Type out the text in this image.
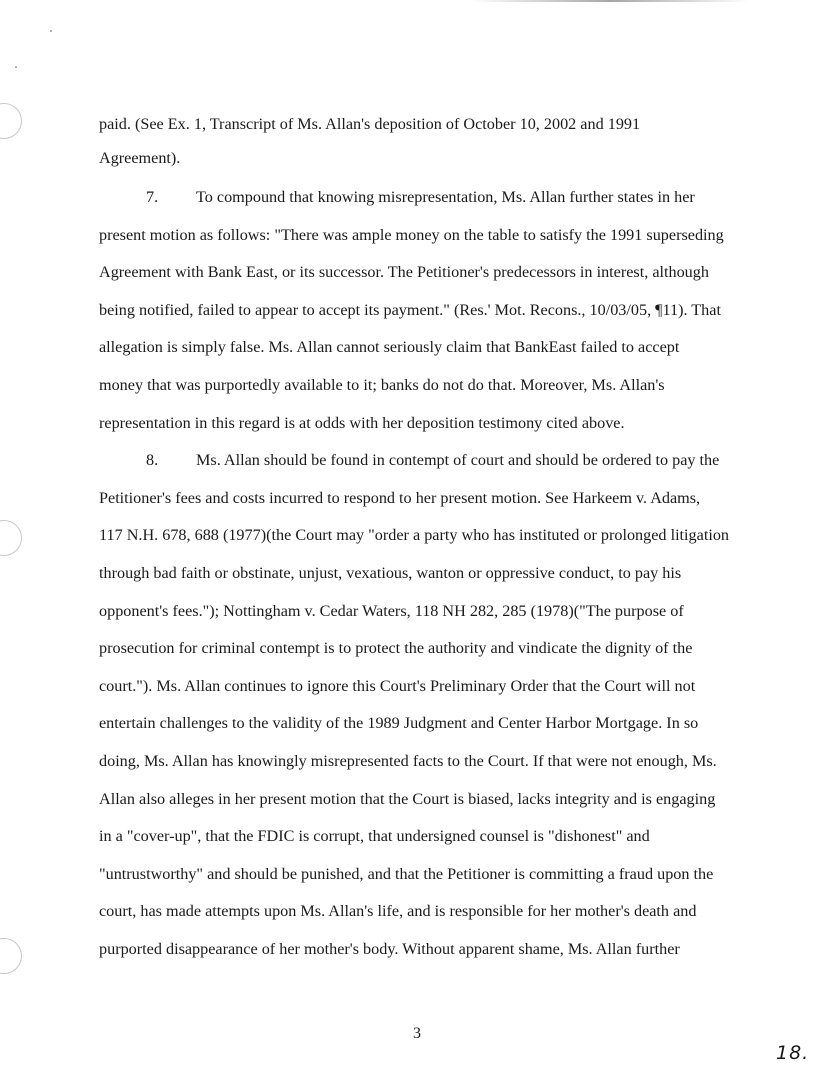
paid. (See Ex. 1, Transcript of Ms. Allan's deposition of October 10, 2002 and 1991
Agreement).
7. To compound that knowing misrepresentation, Ms. Allan further states in her
present motion as follows: "There was ample money on the table to satisfy the 1991 superseding
Agreement with Bank East, or its successor. The Petitioner's predecessors in interest, although
being notified, failed to appear to accept its payment." (Res.' Mot. Recons., 10/03/05, ¶11). That
allegation is simply false. Ms. Allan cannot seriously claim that BankEast failed to accept
money that was purportedly available to it; banks do not do that. Moreover, Ms. Allan's
representation in this regard is at odds with her deposition testimony cited above.
8. Ms. Allan should be found in contempt of court and should be ordered to pay the
Petitioner's fees and costs incurred to respond to her present motion. See Harkeem v. Adams,
117 N.H. 678, 688 (1977)(the Court may "order a party who has instituted or prolonged litigation
through bad faith or obstinate, unjust, vexatious, wanton or oppressive conduct, to pay his
opponent's fees."); Nottingham v. Cedar Waters, 118 NH 282, 285 (1978)("The purpose of
prosecution for criminal contempt is to protect the authority and vindicate the dignity of the
court."). Ms. Allan continues to ignore this Court's Preliminary Order that the Court will not
entertain challenges to the validity of the 1989 Judgment and Center Harbor Mortgage. In so
doing, Ms. Allan has knowingly misrepresented facts to the Court. If that were not enough, Ms.
Allan also alleges in her present motion that the Court is biased, lacks integrity and is engaging
in a "cover-up", that the FDIC is corrupt, that undersigned counsel is "dishonest" and
"untrustworthy" and should be punished, and that the Petitioner is committing a fraud upon the
court, has made attempts upon Ms. Allan's life, and is responsible for her mother's death and
purported disappearance of her mother's body. Without apparent shame, Ms. Allan further
3
18.
